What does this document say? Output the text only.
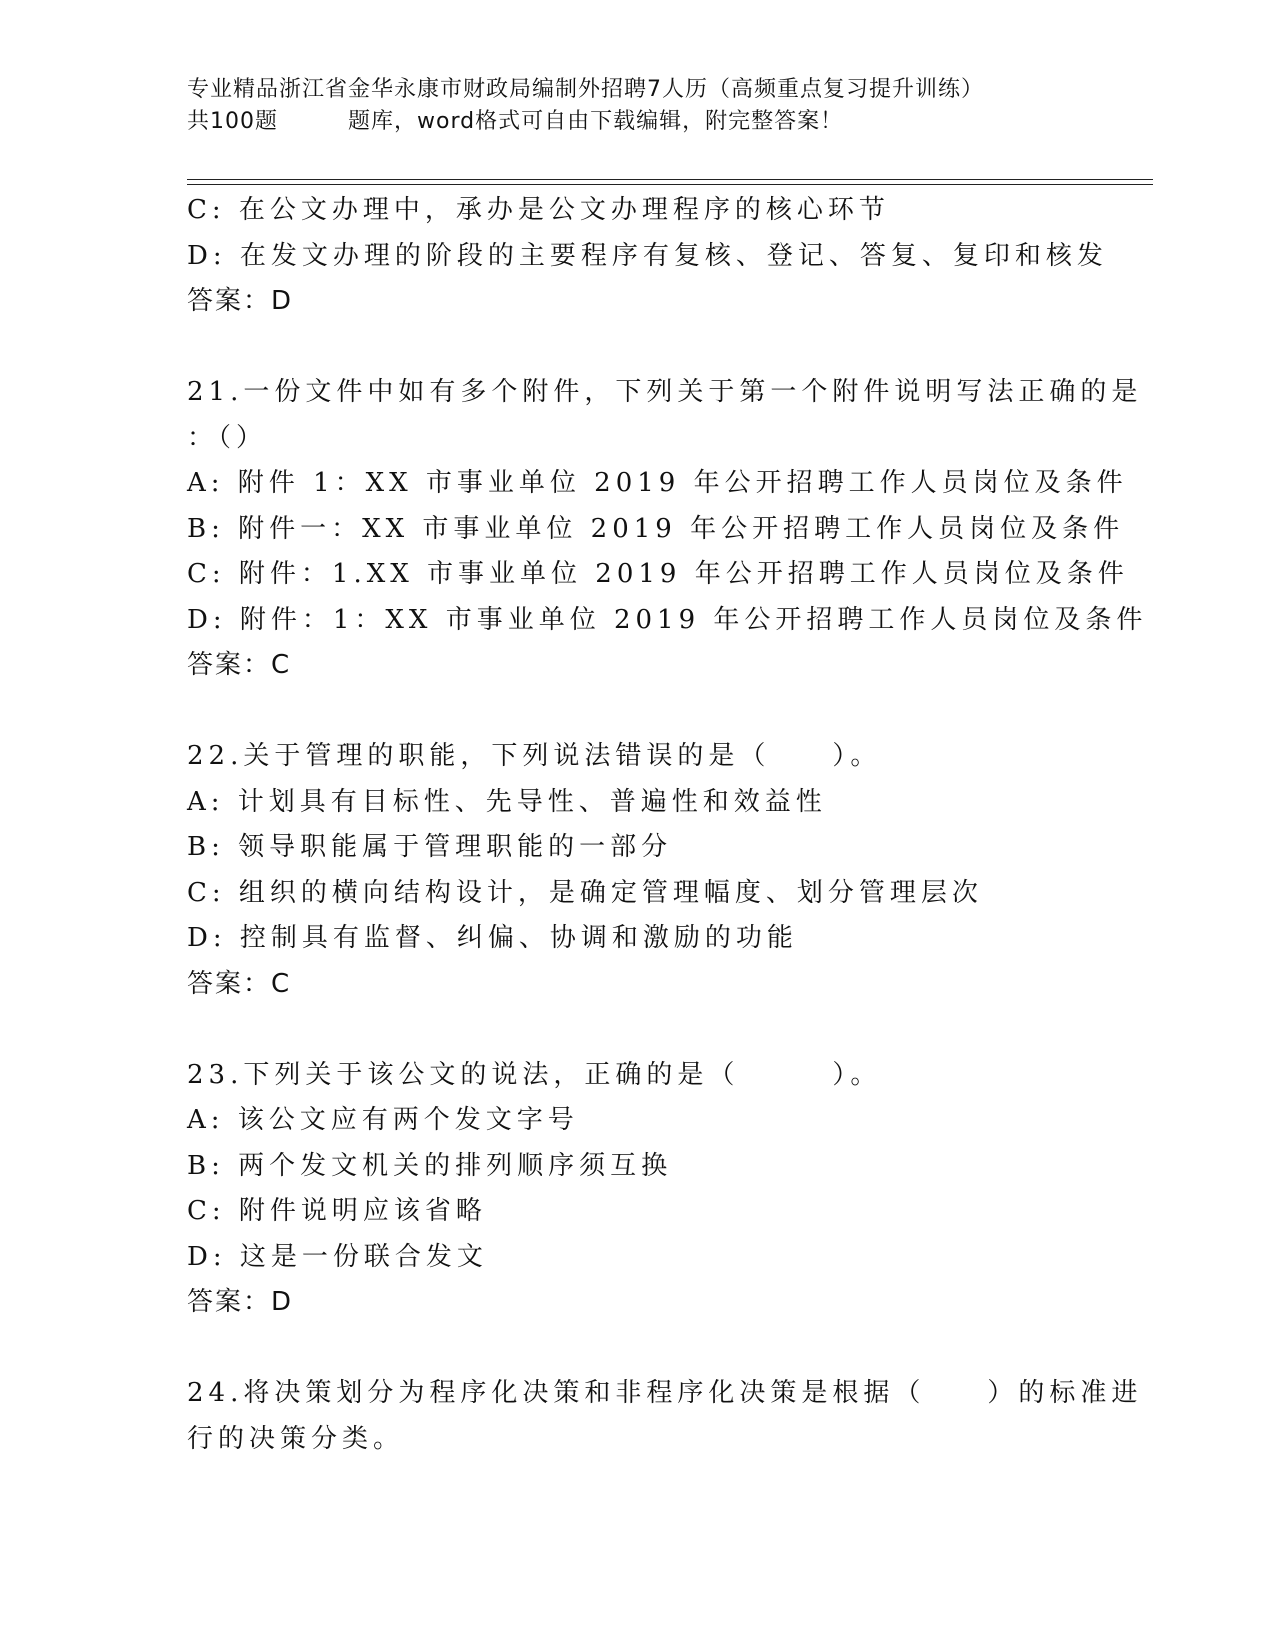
专业精品浙江省金华永康市财政局编制外招聘7人历（高频重点复习提升训练）
共100题	题库，word格式可自由下载编辑，附完整答案！
C: 在公文办理中，承办是公文办理程序的核心环节
D: 在发文办理的阶段的主要程序有复核、登记、答复、复印和核发
答案：D
21.一份文件中如有多个附件，下列关于第一个附件说明写法正确的是
：（）
A: 附件 1：XX 市事业单位 2019 年公开招聘工作人员岗位及条件
B: 附件一：XX 市事业单位 2019 年公开招聘工作人员岗位及条件
C: 附件：1.XX 市事业单位 2019 年公开招聘工作人员岗位及条件
D: 附件：1：XX 市事业单位 2019 年公开招聘工作人员岗位及条件
答案：C
22.关于管理的职能，下列说法错误的是（　　）。
A: 计划具有目标性、先导性、普遍性和效益性
B: 领导职能属于管理职能的一部分
C: 组织的横向结构设计，是确定管理幅度、划分管理层次
D: 控制具有监督、纠偏、协调和激励的功能
答案：C
23.下列关于该公文的说法，正确的是（　　　）。
A: 该公文应有两个发文字号
B: 两个发文机关的排列顺序须互换
C: 附件说明应该省略
D: 这是一份联合发文
答案：D
24.将决策划分为程序化决策和非程序化决策是根据（　　）的标准进
行的决策分类。
